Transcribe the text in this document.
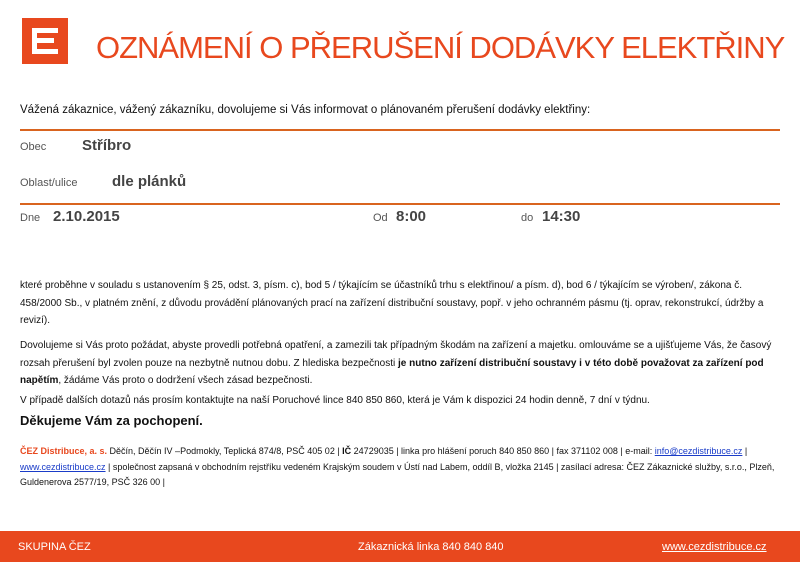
OZNÁMENÍ O PŘERUŠENÍ DODÁVKY ELEKTŘINY
Vážená zákaznice, vážený zákazníku, dovolujeme si Vás informovat o plánovaném přerušení dodávky elektřiny:
Obec Stříbro
Oblast/ulice dle plánků
Dne 2.10.2015	Od 8:00	do 14:30
které proběhne v souladu s ustanovením § 25, odst. 3, písm. c), bod 5 / týkajícím se účastníků trhu s elektřinou/ a písm. d), bod 6 / týkajícím se výroben/, zákona č. 458/2000 Sb., v platném znění, z důvodu provádění plánovaných prací na zařízení distribuční soustavy, popř. v jeho ochranném pásmu (tj. oprav, rekonstrukcí, údržby a revizí).
Dovolujeme si Vás proto požádat, abyste provedli potřebná opatření, a zamezili tak případným škodám na zařízení a majetku. omlouváme se a ujišťujeme Vás, že časový rozsah přerušení byl zvolen pouze na nezbytně nutnou dobu. Z hlediska bezpečnosti je nutno zařízení distribuční soustavy i v této době považovat za zařízení pod napětím, žádáme Vás proto o dodržení všech zásad bezpečnosti.
V případě dalších dotazů nás prosím kontaktujte na naší Poruchové lince 840 850 860, která je Vám k dispozici 24 hodin denně, 7 dní v týdnu.
Děkujeme Vám za pochopení.
ČEZ Distribuce, a. s. Děčín, Děčín IV –Podmokly, Teplická 874/8, PSČ 405 02 | IČ 24729035 | linka pro hlášení poruch 840 850 860 | fax 371102 008 | e-mail: info@cezdistribuce.cz |
www.cezdistribuce.cz | společnost zapsaná v obchodním rejstříku vedeném Krajským soudem v Ústí nad Labem, oddíl B, vložka 2145 | zasílací adresa: ČEZ Zákaznické služby, s.r.o., Plzeň, Guldenerova 2577/19, PSČ 326 00 |
SKUPINA ČEZ	Zákaznická linka 840 840 840	www.cezdistribuce.cz
